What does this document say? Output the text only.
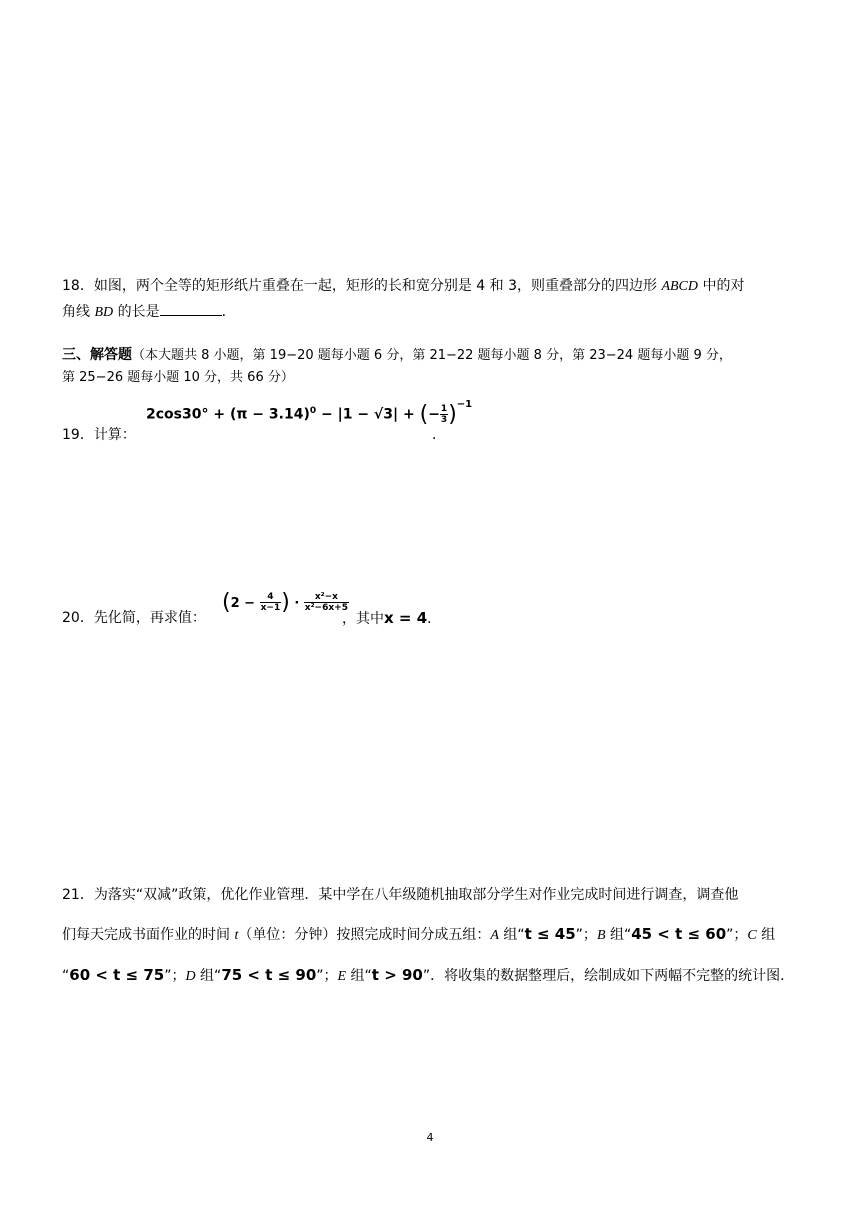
18．如图，两个全等的矩形纸片重叠在一起，矩形的长和宽分别是 4 和 3，则重叠部分的四边形 ABCD 中的对
角线 BD 的长是	．
三、解答题（本大题共 8 小题，第 19−20 题每小题 6 分，第 21−22 题每小题 8 分，第 23−24 题每小题 9 分，
第 25−26 题每小题 10 分，共 66 分）
19．计算：
$2\cos 30^\circ + (\pi - 3.14)^0 - |1 - √3|$ + (− $\frac{1}{3} )^{-1}$
．
20．先化简，再求值：
($2 - \frac{4}{x-1}$ ) · $\frac{\text{x²−x}}{\text{x²−6x+5}}$
，其中x = 4．
21．为落实“双减”政策，优化作业管理．某中学在八年级随机抽取部分学生对作业完成时间进行调查，调查他
们每天完成书面作业的时间 t（单位：分钟）按照完成时间分成五组：A 组“t ≤ 45”；B 组“45 < t ≤ 60”；C 组
“60 < t ≤ 75”；D 组“75 < t ≤ 90”；E 组“t > 90”．将收集的数据整理后，绘制成如下两幅不完整的统计图．
4
